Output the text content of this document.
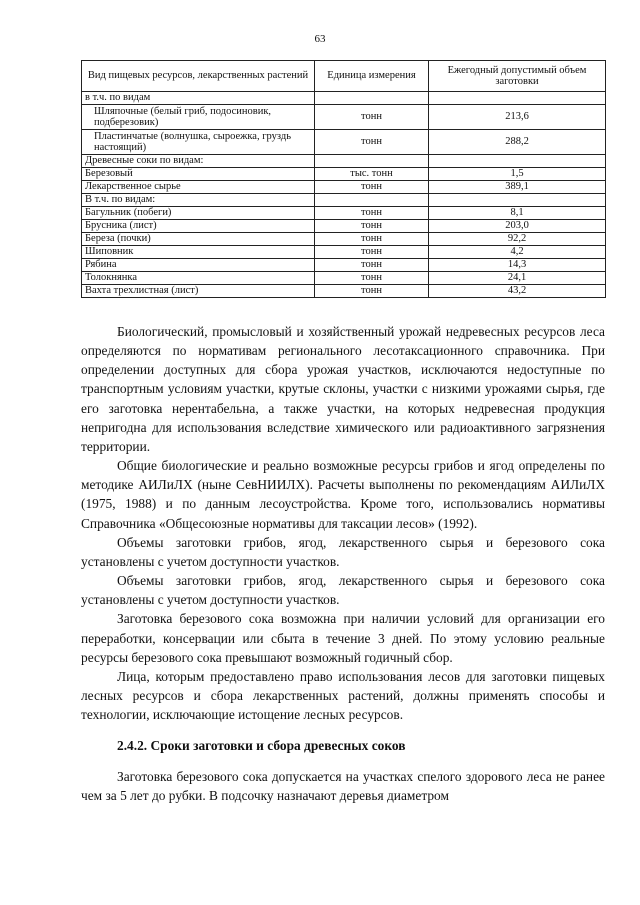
63
Вид пищевых ресурсов, лекарственных растений	Единица измерения	Ежегодный допустимый объем заготовки
в т.ч. по видам		
Шляпочные (белый гриб, подосиновик, подберезовик)	тонн	213,6
Пластинчатые (волнушка, сыроежка, груздь настоящий)	тонн	288,2
Древесные соки по видам:		
Березовый	тыс. тонн	1,5
Лекарственное сырье	тонн	389,1
В т.ч. по видам:		
Багульник (побеги)	тонн	8,1
Брусника (лист)	тонн	203,0
Береза (почки)	тонн	92,2
Шиповник	тонн	4,2
Рябина	тонн	14,3
Толокнянка	тонн	24,1
Вахта трехлистная (лист)	тонн	43,2

Биологический, промысловый и хозяйственный урожай недревесных ресурсов леса определяются по нормативам регионального лесотаксационного справочника. При определении доступных для сбора урожая участков, исключаются недоступные по транспортным условиям участки, крутые склоны, участки с низкими урожаями сырья, где его заготовка нерентабельна, а также участки, на которых недревесная продукция непригодна для использования вследствие химического или радиоактивного загрязнения территории.

Общие биологические и реально возможные ресурсы грибов и ягод определены по методике АИЛиЛХ (ныне СевНИИЛХ). Расчеты выполнены по рекомендациям АИЛиЛХ (1975, 1988) и по данным лесоустройства. Кроме того, использовались нормативы Справочника «Общесоюзные нормативы для таксации лесов» (1992).

Объемы заготовки грибов, ягод, лекарственного сырья и березового сока установлены с учетом доступности участков.

Объемы заготовки грибов, ягод, лекарственного сырья и березового сока установлены с учетом доступности участков.

Заготовка березового сока возможна при наличии условий для организации его переработки, консервации или сбыта в течение 3 дней. По этому условию реальные ресурсы березового сока превышают возможный годичный сбор.

Лица, которым предоставлено право использования лесов для заготовки пищевых лесных ресурсов и сбора лекарственных растений, должны применять способы и технологии, исключающие истощение лесных ресурсов.

2.4.2. Сроки заготовки и сбора древесных соков

Заготовка березового сока допускается на участках спелого здорового леса не ранее чем за 5 лет до рубки. В подсочку назначают деревья диаметром
